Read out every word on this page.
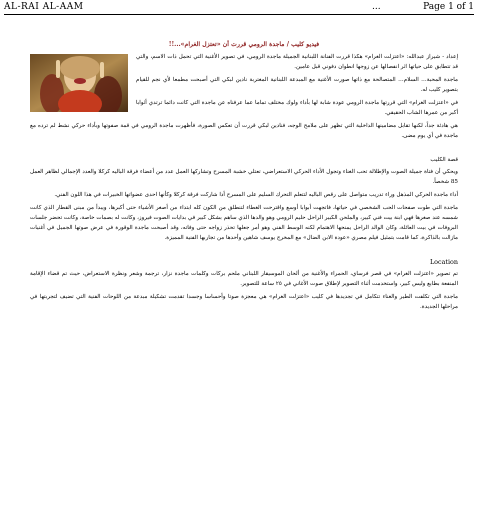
AL-RAI AL-AAM	...	Page 1 of 1
فيديو كليب / ماجدة الرومي قررت أن «تعتزل الغرام»...!!

إعداد - شيراز عبدالله: «اعتزلت الغرام» هكذا قررت الفنانة اللبنانية الجميلة ماجدة الرومي، في تصوير الأغنية التي تحمل ذات الاسم، والتي قد تتطابق على حياتها اثر انفصالها عن زوجها انطوان دفوني قبل عامين.

ماجدة المحبة… السلام… المتصالحة مع ذاتها صورت الأغنية مع المبدعة اللبنانية المغتربة نادين لبكي التي أصبحت مطمعا لأي نجم للقيام بتصوير كليب له.

في «اعتزلت الغرام» التي قررتها ماجدة الرومي عودة شابة لها بأداء ولوك مختلف تماما عما عرفناه عن ماجدة التي كانت دائما ترتدي أثوابا أكبر من عمرها الشاب الحقيقي.

هي هادئة جداً، لكنها تقابل مضامينها الداخلية التي تظهر على ملامح الوجه، فنادين لبكي قررت أن تعكس الصورة، فأظهرت ماجدة الرومي في قمة صفوتها وبأداء حركي نشط لم ترده مع ماجدة في أي يوم مضى.

قصة الكليب

ويحكي أن فتاة جميلة الصوت والإطلالة تحب الغناء وتجول الأداء الحركي الاستعراضي، تعتلي خشبة المسرح وتشاركها العمل عدد من أعضاء فرقة الباليه كركلا والعدد الإجمالي لظاهر العمل 85 شخصاً.

أداء ماجدة الحركي المذهل وراء تدريب متواصل على رقص الباليه لتتعلم التحرك السليم على المسرح أدا شاركت فرقة كركلا وكأنها احدى عضواتها الخبيرات في هذا اللون الفني.

ماجدة التي طوت صفحات الحب الشخصي في حياتها، فاتجهت أبوابا أوسع واقترحت الغطاء لتنطلق من الكون كله ابتداء من أصغر الأشياء حتى أكبرها، ويبدأ من مبنى القطار الذي كانت شمسه عند صغرها فهي ابنة بيت فني كبير، والملحن الكبير الراحل حليم الرومي وهو والدها الذي ساهم بشكل كبير في بدايات الصوت فيروز، وكانت له بصمات خاصة، وكانت تحضر جلسات البروفات في بيت العائلة، وكان الوالد الراحل يمنحها الاهتمام لكنه الوسط الفني وهو أمر جعلها تحذر زواجه حتى وفاته، وقد أصبحت ماجدة الوقورة في عرض صوتها الجميل في أغنيات مازالت بالذاكرة، كما قامت بتمثيل فيلم مصري «عودة الابن الضال» مع المخرج يوسف شاهين وأحدها من تجاربها الفنية المميزة.

Location

تم تصوير «اعتزلت الغرام» في قصر فرساي، الحمراء والأغنية من ألحان الموسيقار اللبناني ملحم بركات وكلمات ماجدة نزار، ترجمة وشعر ونظرة الاستعراض، حيث تم قضاء الإقامة المنفعة بطابع وليس كبير، واستخدمت أثناء التصوير لإطلاق صوت الأغاني في ٢٥ ساعة للتصوير.

ماجدة التي تكلفت الطير والغناء تتكامل في تجديدها في كليب «اعتزلت الغرام» هي معجزة صوتا وأحساسا وجسدا تقدمت تشكيلة مبدعة من اللوحات الفنية التي تضيف لتجربتها في مراحلها الجديدة.
